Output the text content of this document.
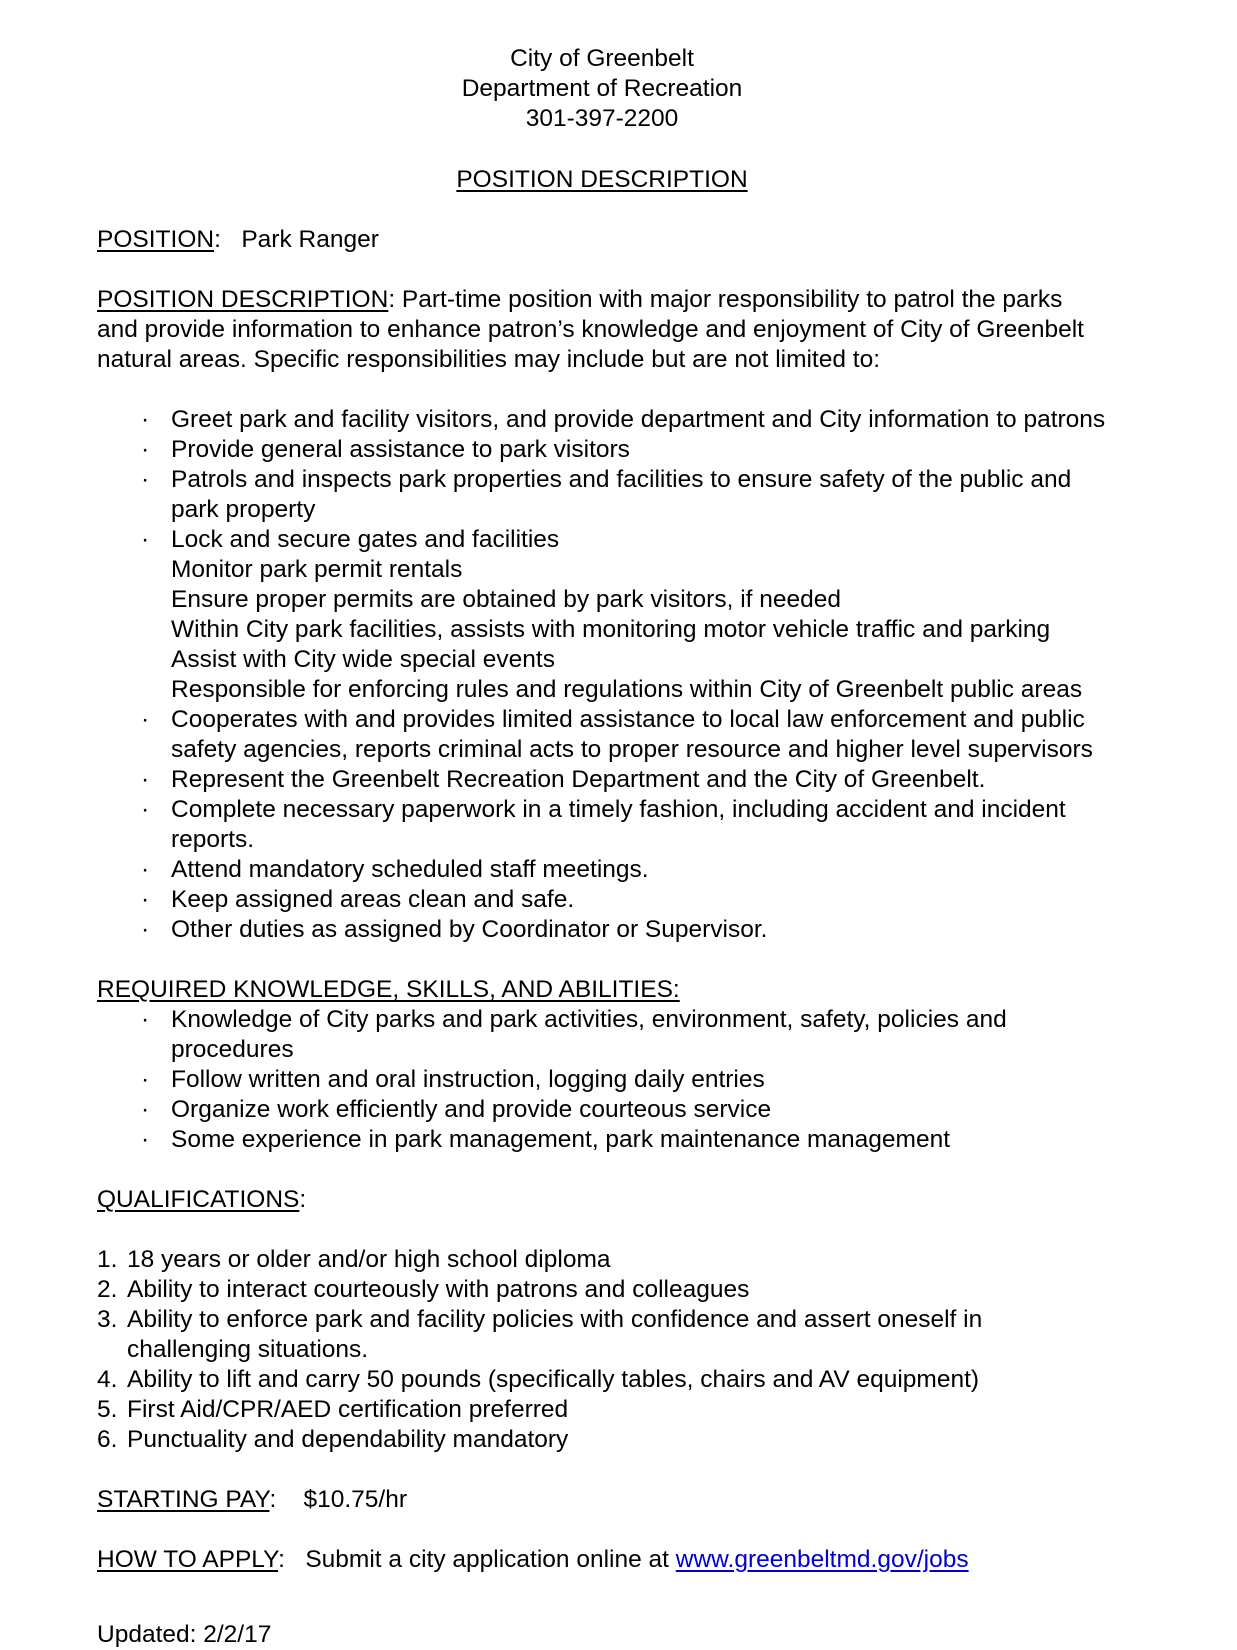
City of Greenbelt
Department of Recreation
301-397-2200
POSITION DESCRIPTION
POSITION: Park Ranger
POSITION DESCRIPTION: Part-time position with major responsibility to patrol the parks and provide information to enhance patron’s knowledge and enjoyment of City of Greenbelt natural areas. Specific responsibilities may include but are not limited to:
· Greet park and facility visitors, and provide department and City information to patrons
· Provide general assistance to park visitors
· Patrols and inspects park properties and facilities to ensure safety of the public and park property
· Lock and secure gates and facilities
Monitor park permit rentals
Ensure proper permits are obtained by park visitors, if needed
Within City park facilities, assists with monitoring motor vehicle traffic and parking
Assist with City wide special events
Responsible for enforcing rules and regulations within City of Greenbelt public areas
· Cooperates with and provides limited assistance to local law enforcement and public safety agencies, reports criminal acts to proper resource and higher level supervisors
· Represent the Greenbelt Recreation Department and the City of Greenbelt.
· Complete necessary paperwork in a timely fashion, including accident and incident reports.
· Attend mandatory scheduled staff meetings.
· Keep assigned areas clean and safe.
· Other duties as assigned by Coordinator or Supervisor.
REQUIRED KNOWLEDGE, SKILLS, AND ABILITIES:
· Knowledge of City parks and park activities, environment, safety, policies and procedures
· Follow written and oral instruction, logging daily entries
· Organize work efficiently and provide courteous service
· Some experience in park management, park maintenance management
QUALIFICATIONS:
1. 18 years or older and/or high school diploma
2. Ability to interact courteously with patrons and colleagues
3. Ability to enforce park and facility policies with confidence and assert oneself in challenging situations.
4. Ability to lift and carry 50 pounds (specifically tables, chairs and AV equipment)
5. First Aid/CPR/AED certification preferred
6. Punctuality and dependability mandatory
STARTING PAY: $10.75/hr
HOW TO APPLY: Submit a city application online at www.greenbeltmd.gov/jobs
Updated: 2/2/17
